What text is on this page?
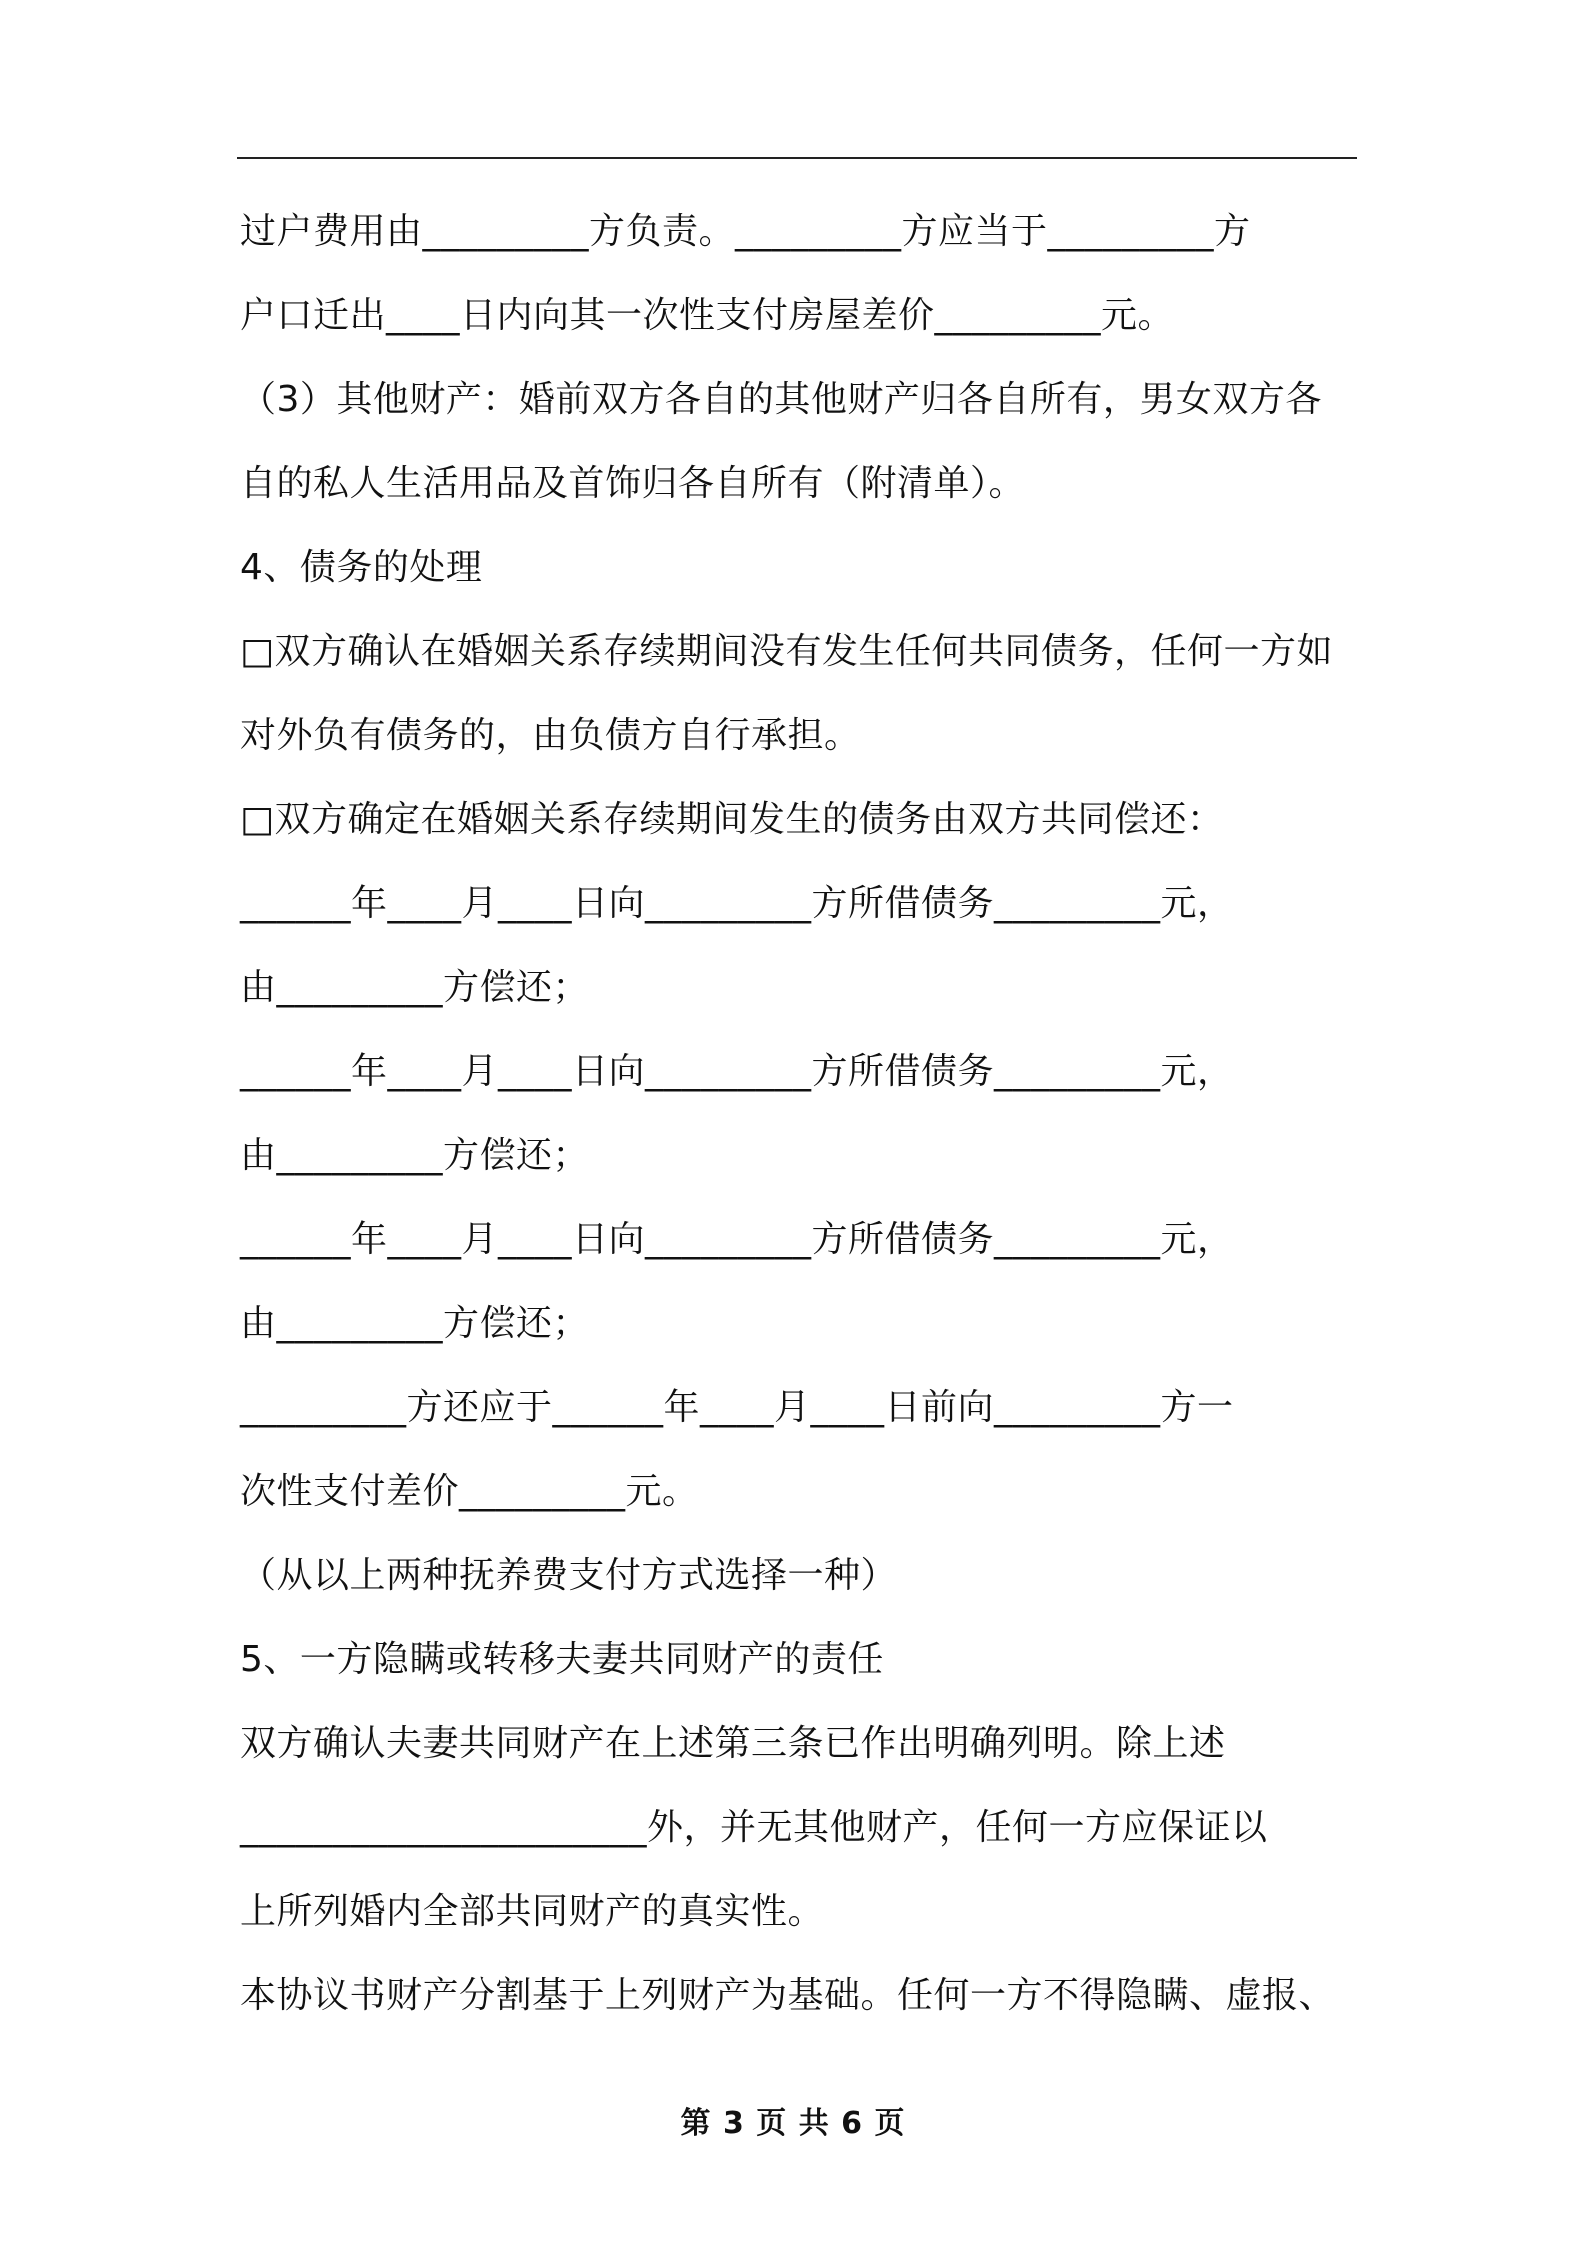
过户费用由_________方负责。_________方应当于_________方
户口迁出____日内向其一次性支付房屋差价_________元。
（3）其他财产：婚前双方各自的其他财产归各自所有，男女双方各
自的私人生活用品及首饰归各自所有（附清单）。
4、债务的处理
□双方确认在婚姻关系存续期间没有发生任何共同债务，任何一方如
对外负有债务的，由负债方自行承担。
□双方确定在婚姻关系存续期间发生的债务由双方共同偿还：
______年____月____日向_________方所借债务_________元，
由_________方偿还；
______年____月____日向_________方所借债务_________元，
由_________方偿还；
______年____月____日向_________方所借债务_________元，
由_________方偿还；
_________方还应于______年____月____日前向_________方一
次性支付差价_________元。
（从以上两种抚养费支付方式选择一种）
5、一方隐瞒或转移夫妻共同财产的责任
双方确认夫妻共同财产在上述第三条已作出明确列明。除上述
______________________外，并无其他财产，任何一方应保证以
上所列婚内全部共同财产的真实性。
本协议书财产分割基于上列财产为基础。任何一方不得隐瞒、虚报、
第 3 页 共 6 页
